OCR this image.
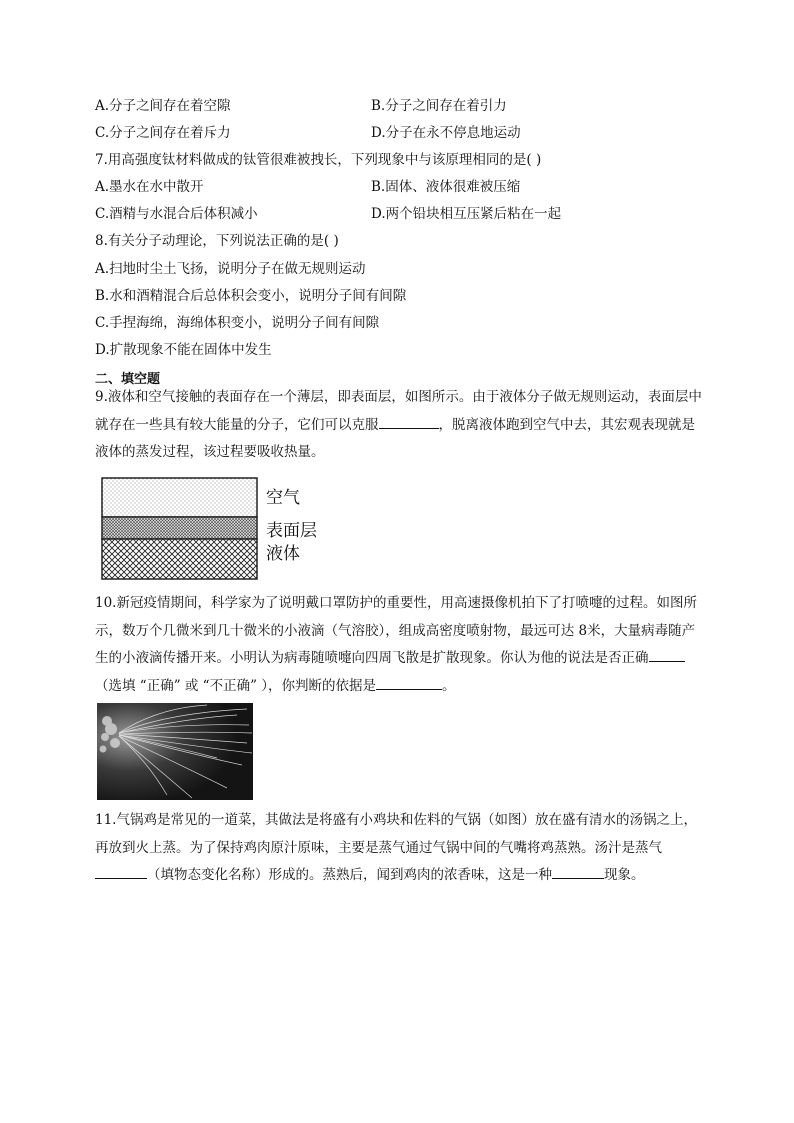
A.分子之间存在着空隙	B.分子之间存在着引力
C.分子之间存在着斥力	D.分子在永不停息地运动
7.用高强度钛材料做成的钛管很难被拽长，下列现象中与该原理相同的是( )
A.墨水在水中散开	B.固体、液体很难被压缩
C.酒精与水混合后体积减小	D.两个铅块相互压紧后粘在一起
8.有关分子动理论，下列说法正确的是( )
A.扫地时尘土飞扬，说明分子在做无规则运动
B.水和酒精混合后总体积会变小，说明分子间有间隙
C.手捏海绵，海绵体积变小，说明分子间有间隙
D.扩散现象不能在固体中发生
二、填空题
9.液体和空气接触的表面存在一个薄层，即表面层，如图所示。由于液体分子做无规则运动，表面层中就存在一些具有较大能量的分子，它们可以克服	，脱离液体跑到空气中去，其宏观表现就是液体的蒸发过程，该过程要吸收热量。
空气
表面层
液体
10.新冠疫情期间，科学家为了说明戴口罩防护的重要性，用高速摄像机拍下了打喷嚏的过程。如图所示，数万个几微米到几十微米的小液滴（气溶胶），组成高密度喷射物，最远可达 8米，大量病毒随产生的小液滴传播开来。小明认为病毒随喷嚏向四周飞散是扩散现象。你认为他的说法是否正确（选填 “正确” 或 “不正确” ），你判断的依据是	。
11.气锅鸡是常见的一道菜，其做法是将盛有小鸡块和佐料的气锅（如图）放在盛有清水的汤锅之上，再放到火上蒸。为了保持鸡肉原汁原味，主要是蒸气通过气锅中间的气嘴将鸡蒸熟。汤汁是蒸气（填物态变化名称）形成的。蒸熟后，闻到鸡肉的浓香味，这是一种	现象。
